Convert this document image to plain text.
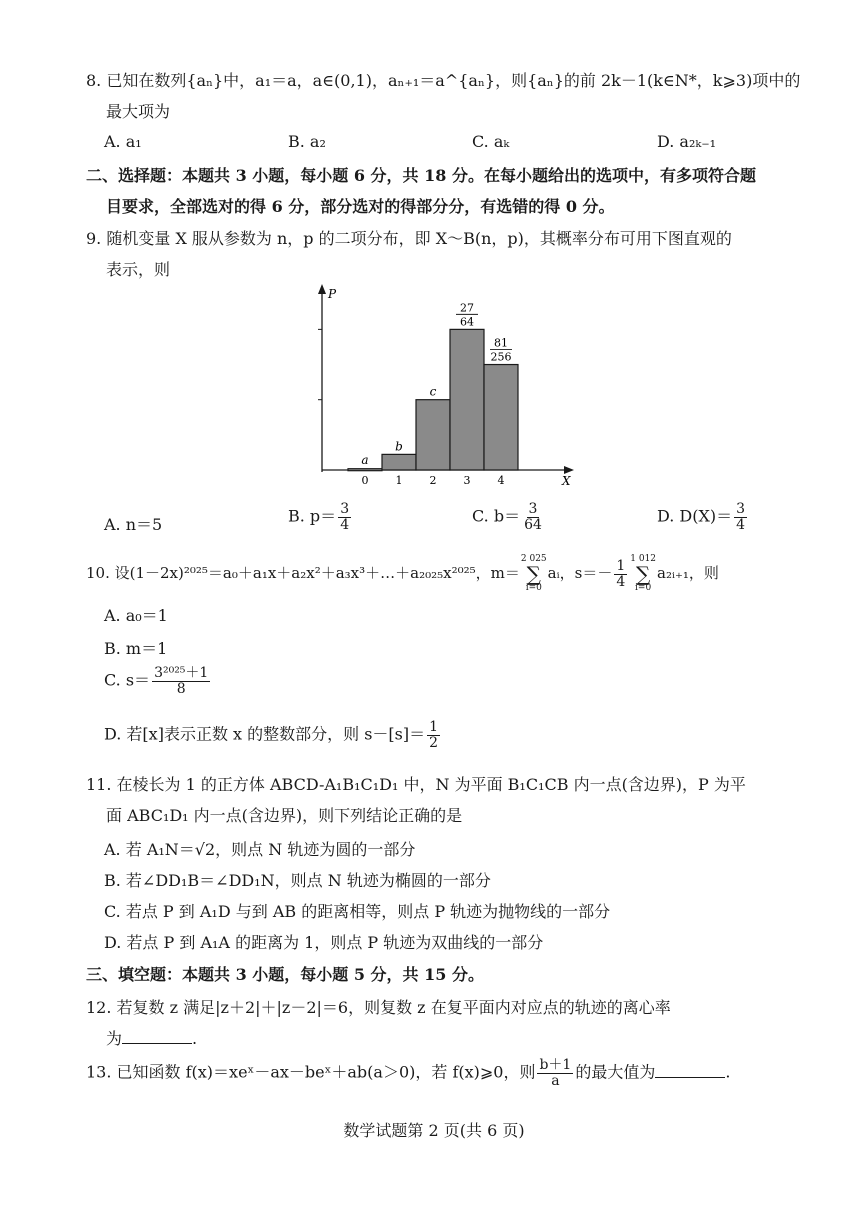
8. 已知在数列{aₙ}中，a₁＝a，a∈(0,1)，aₙ₊₁＝a^{aₙ}，则{aₙ}的前 2k－1(k∈N*，k⩾3)项中的
最大项为
A. a₁	B. a₂	C. aₖ	D. a₂ₖ₋₁
二、选择题：本题共 3 小题，每小题 6 分，共 18 分。在每小题给出的选项中，有多项符合题
目要求，全部选对的得 6 分，部分选对的得部分分，有选错的得 0 分。
9. 随机变量 X 服从参数为 n，p 的二项分布，即 X～B(n，p)，其概率分布可用下图直观的
表示，则
P
X
a
b
c
27
64
81
256
0 1 2 3 4
A. n＝5	B. $p= \frac{3}{4}$	C. $b= \frac{3}{64}$	D. $D(X)= \frac{3}{4}$
10. 设(1－2x)²⁰²⁵＝a₀＋a₁x＋a₂x²＋a₃x³＋…＋a₂₀₂₅x²⁰²⁵，m＝
2 025
∑
i=0
aᵢ，$s=- \frac{1}{4} 1$ 012
∑
i=0
a₂ᵢ₊₁，则
A. a₀＝1
B. m＝1
C. $s= \frac{\text{3²⁰²⁵＋1}}{8}$
D. 若[x]表示正数 x 的整数部分，则 $s-[s]= \frac{1}{2}$
11. 在棱长为 1 的正方体 ABCD-A₁B₁C₁D₁ 中，N 为平面 B₁C₁CB 内一点(含边界)，P 为平
面 ABC₁D₁ 内一点(含边界)，则下列结论正确的是
A. 若 A₁N＝√2，则点 N 轨迹为圆的一部分
B. 若∠DD₁B＝∠DD₁N，则点 N 轨迹为椭圆的一部分
C. 若点 P 到 A₁D 与到 AB 的距离相等，则点 P 轨迹为抛物线的一部分
D. 若点 P 到 A₁A 的距离为 1，则点 P 轨迹为双曲线的一部分
三、填空题：本题共 3 小题，每小题 5 分，共 15 分。
12. 若复数 z 满足|z＋2|＋|z－2|＝6，则复数 z 在复平面内对应点的轨迹的离心率
为	.
13. 已知函数 f(x)＝xeˣ－ax－beˣ＋ab(a＞0)，若 f(x)⩾0，则 $\frac{b+1}{a}$ 的最大值为	.
数学试题第 2 页(共 6 页)
